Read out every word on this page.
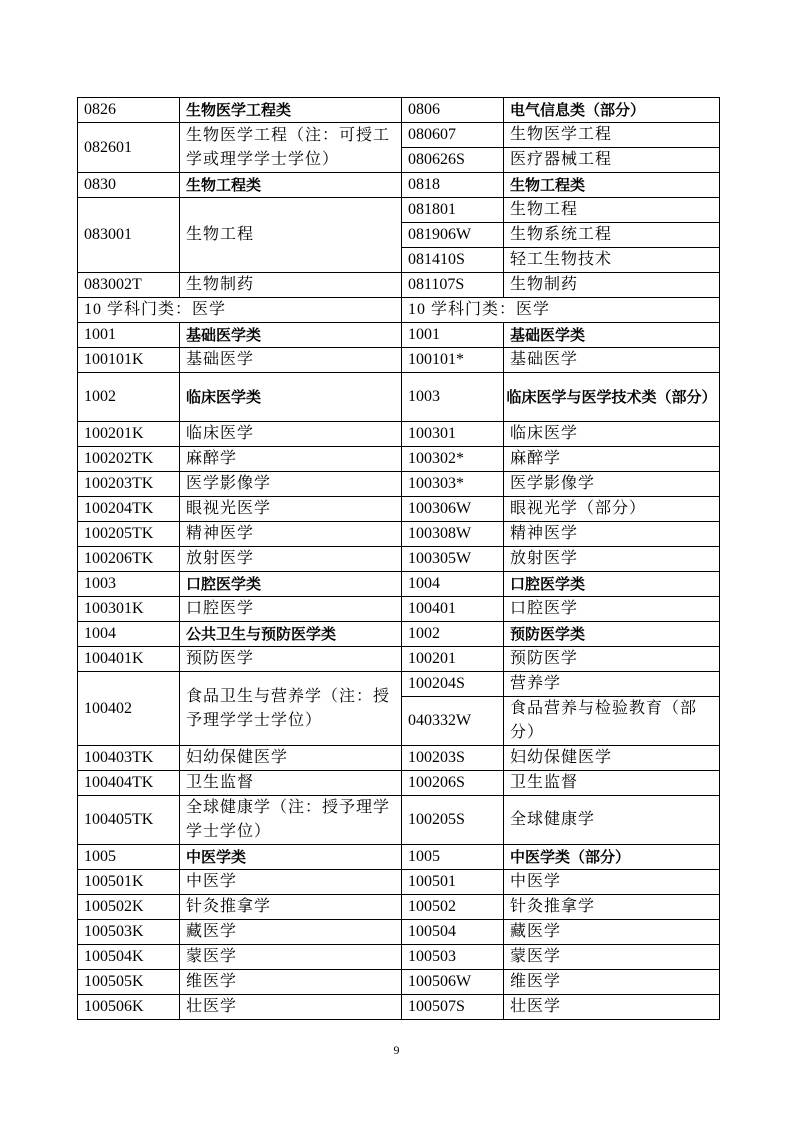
0826	生物医学工程类	0806	电气信息类（部分）
082601	生物医学工程（注：可授工学或理学学士学位）	080607	生物医学工程
		080626S	医疗器械工程
0830	生物工程类	0818	生物工程类
083001	生物工程	081801	生物工程
		081906W	生物系统工程
		081410S	轻工生物技术
083002T	生物制药	081107S	生物制药
10 学科门类：医学		10 学科门类：医学	
1001	基础医学类	1001	基础医学类
100101K	基础医学	100101*	基础医学
1002	临床医学类	1003	临床医学与医学技术类（部分）
100201K	临床医学	100301	临床医学
100202TK	麻醉学	100302*	麻醉学
100203TK	医学影像学	100303*	医学影像学
100204TK	眼视光医学	100306W	眼视光学（部分）
100205TK	精神医学	100308W	精神医学
100206TK	放射医学	100305W	放射医学
1003	口腔医学类	1004	口腔医学类
100301K	口腔医学	100401	口腔医学
1004	公共卫生与预防医学类	1002	预防医学类
100401K	预防医学	100201	预防医学
100402	食品卫生与营养学（注：授予理学学士学位）	100204S	营养学
		040332W	食品营养与检验教育（部分）
100403TK	妇幼保健医学	100203S	妇幼保健医学
100404TK	卫生监督	100206S	卫生监督
100405TK	全球健康学（注：授予理学学士学位）	100205S	全球健康学
1005	中医学类	1005	中医学类（部分）
100501K	中医学	100501	中医学
100502K	针灸推拿学	100502	针灸推拿学
100503K	藏医学	100504	藏医学
100504K	蒙医学	100503	蒙医学
100505K	维医学	100506W	维医学
100506K	壮医学	100507S	壮医学
9
